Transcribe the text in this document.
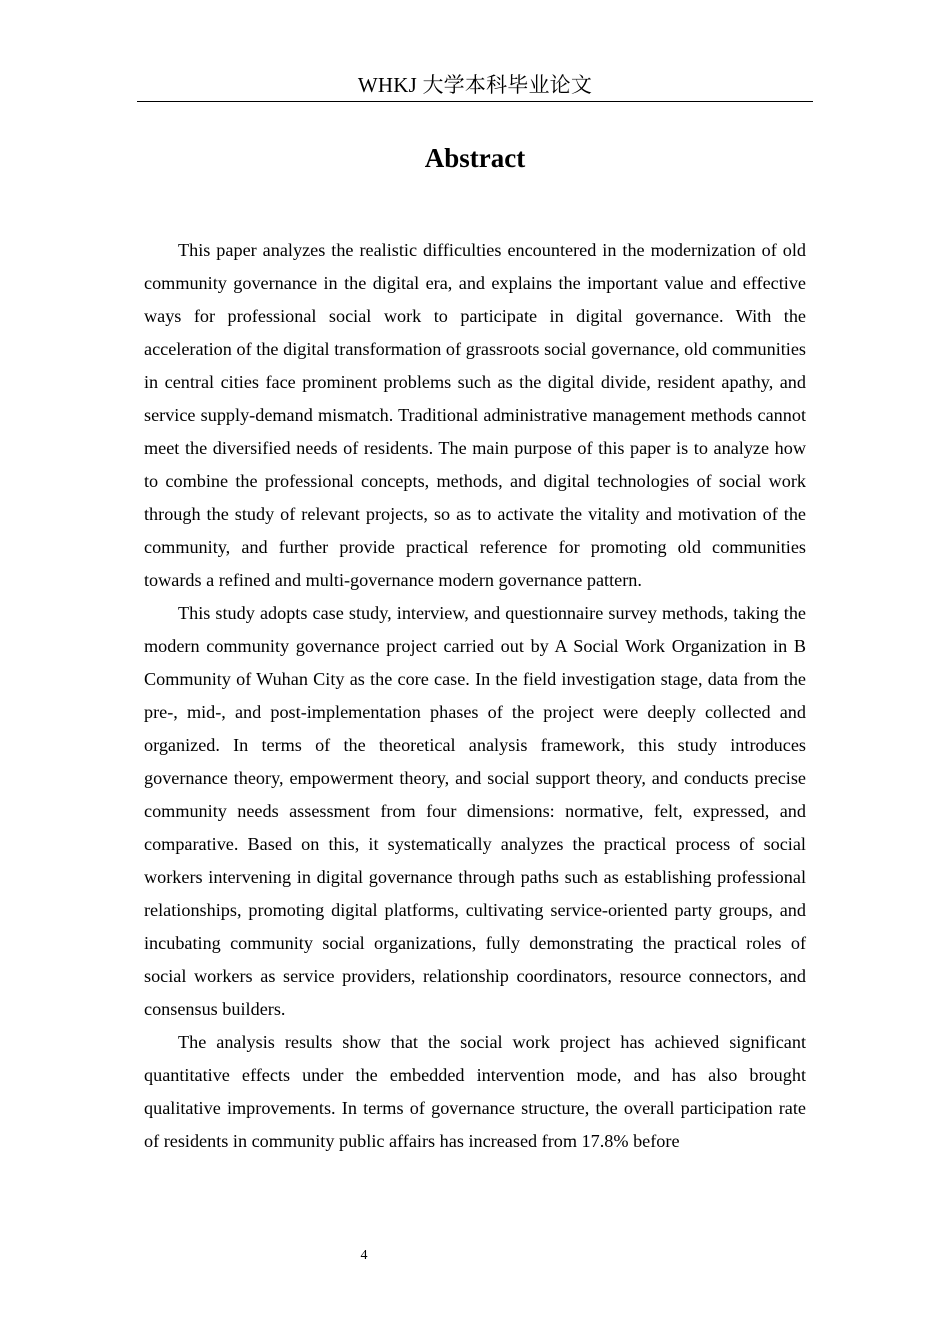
WHKJ 大学本科毕业论文
Abstract

This paper analyzes the realistic difficulties encountered in the modernization of old community governance in the digital era, and explains the important value and effective ways for professional social work to participate in digital governance. With the acceleration of the digital transformation of grassroots social governance, old communities in central cities face prominent problems such as the digital divide, resident apathy, and service supply-demand mismatch. Traditional administrative management methods cannot meet the diversified needs of residents. The main purpose of this paper is to analyze how to combine the professional concepts, methods, and digital technologies of social work through the study of relevant projects, so as to activate the vitality and motivation of the community, and further provide practical reference for promoting old communities towards a refined and multi-governance modern governance pattern.

This study adopts case study, interview, and questionnaire survey methods, taking the modern community governance project carried out by A Social Work Organization in B Community of Wuhan City as the core case. In the field investigation stage, data from the pre-, mid-, and post-implementation phases of the project were deeply collected and organized. In terms of the theoretical analysis framework, this study introduces governance theory, empowerment theory, and social support theory, and conducts precise community needs assessment from four dimensions: normative, felt, expressed, and comparative. Based on this, it systematically analyzes the practical process of social workers intervening in digital governance through paths such as establishing professional relationships, promoting digital platforms, cultivating service-oriented party groups, and incubating community social organizations, fully demonstrating the practical roles of social workers as service providers, relationship coordinators, resource connectors, and consensus builders.

The analysis results show that the social work project has achieved significant quantitative effects under the embedded intervention mode, and has also brought qualitative improvements. In terms of governance structure, the overall participation rate of residents in community public affairs has increased from 17.8% before

4
